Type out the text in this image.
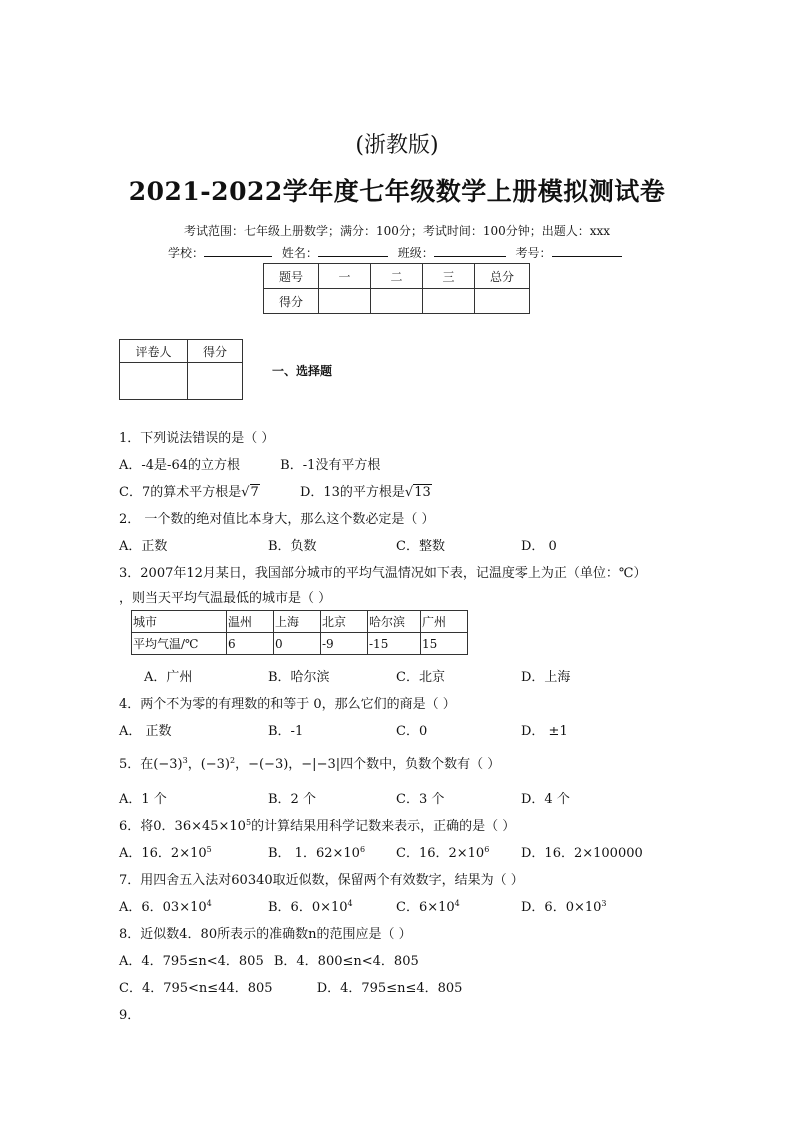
(浙教版)
2021-2022学年度七年级数学上册模拟测试卷
考试范围：七年级上册数学；满分：100分；考试时间：100分钟；出题人：xxx
学校：	姓名：	班级：	考号：
题号	一	二	三	总分
得分				
评卷人	得分

一、选择题
1．下列说法错误的是（ ）
A．-4是-64的立方根	B．-1没有平方根
C．7的算术平方根是√7	D．13的平方根是√13
2． 一个数的绝对值比本身大，那么这个数必定是（ ）
A．正数	B．负数	C．整数	D． 0
3．2007年12月某日，我国部分城市的平均气温情况如下表，记温度零上为正（单位：℃）
，则当天平均气温最低的城市是（ ）
城市	温州	上海	北京	哈尔滨	广州
平均气温/℃	6	0	-9	-15	15
A．广州	B．哈尔滨	C．北京	D．上海
4．两个不为零的有理数的和等于 0，那么它们的商是（ ）
A． 正数	B．-1	C．0	D． ±1
5．在$(-3)^3$，$(-3)^2$，−(−3)，−|−3|四个数中，负数个数有（ ）
A．1 个	B．2 个	C．3 个	D．4 个
6．将0．$36\times 45\times 10^5$的计算结果用科学记数来表示，正确的是（ ）
A．16．$2\times 10^5$	B． 1．$62\times 10^6$ C．16．$2\times 10^6$ D．16．2×100000
7．用四舍五入法对60340取近似数，保留两个有效数字，结果为（ ）
A．6．$03\times 10^4$	B．6．$0\times 10^4$	C．$6\times 10^4$	D．6．$0\times 10^3$
8．近似数4．80所表示的准确数n的范围应是（ ）
A．4．795≤n<4．805 B．4．800≤n<4．805
C．4．795<n≤44．805	D．4．795≤n≤4．805
9．
